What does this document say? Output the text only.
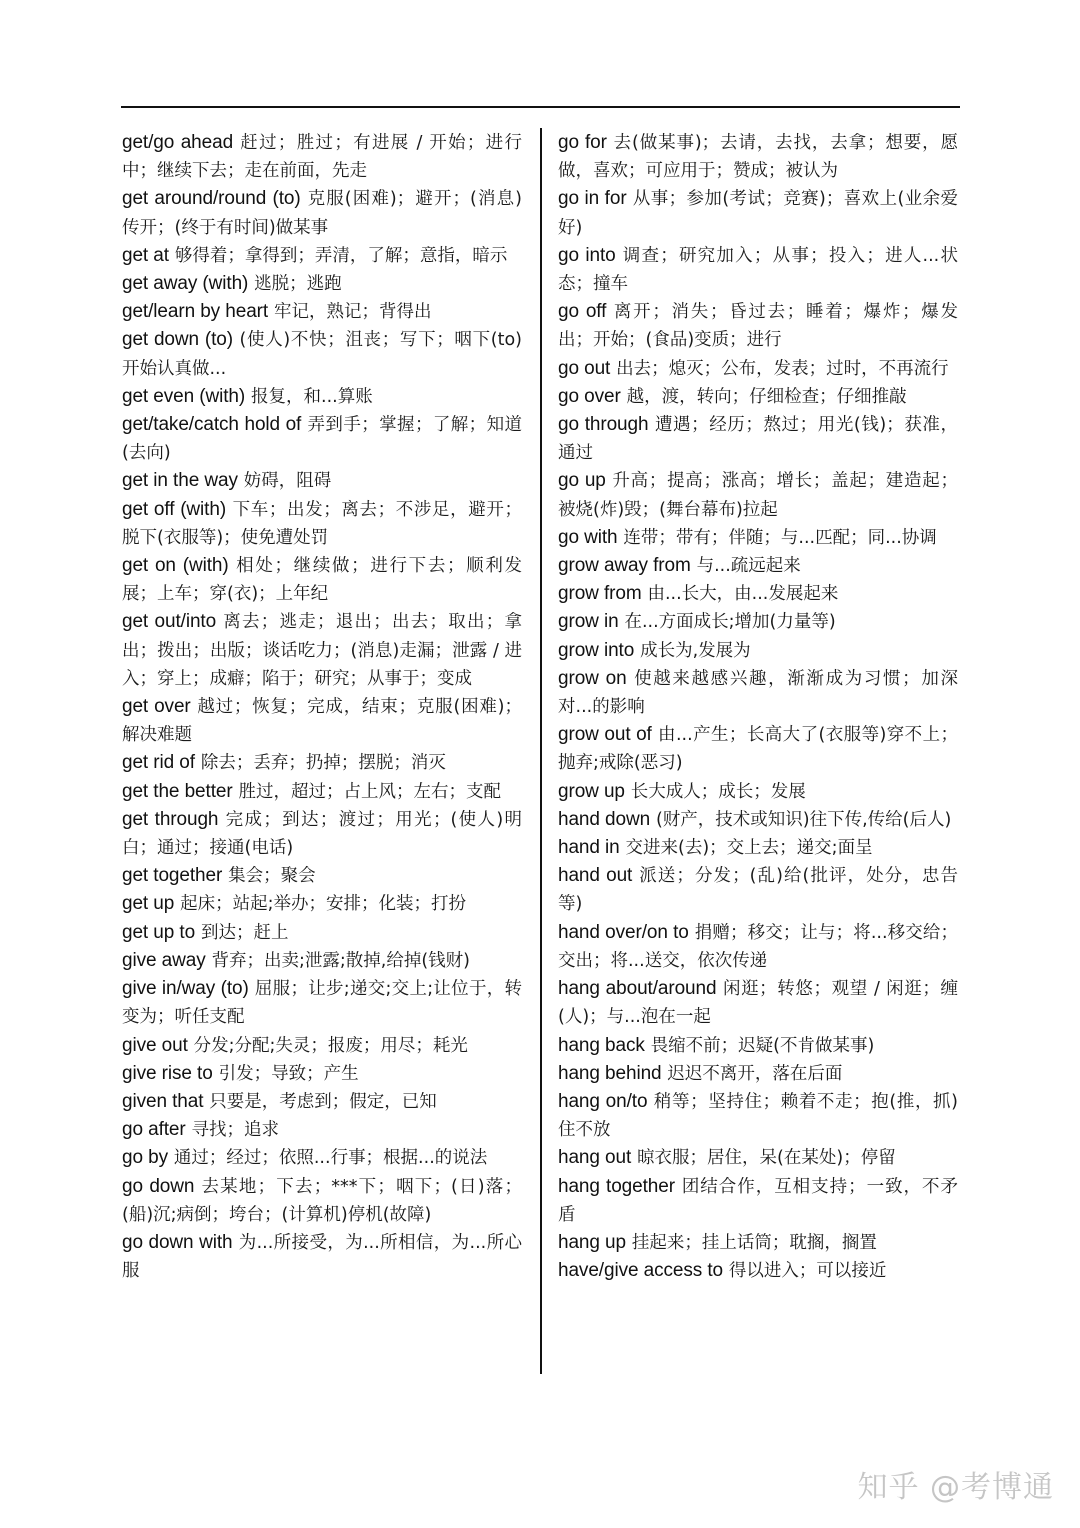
get/go ahead 赶过；胜过；有进展 / 开始；进行中；继续下去；走在前面，先走

get around/round (to) 克服(困难)；避开；(消息)传开；(终于有时间)做某事

get at 够得着；拿得到；弄清，了解；意指，暗示

get away (with) 逃脱；逃跑

get/learn by heart 牢记，熟记；背得出

get down (to) (使人)不快；沮丧；写下；咽下(to)开始认真做...

get even (with) 报复，和...算账

get/take/catch hold of 弄到手；掌握；了解；知道(去向)

get in the way 妨碍，阻碍

get off (with) 下车；出发；离去；不涉足，避开；脱下(衣服等)；使免遭处罚

get on (with) 相处；继续做；进行下去；顺利发展；上车；穿(衣)；上年纪

get out/into 离去；逃走；退出；出去；取出；拿出；拨出；出版；谈话吃力；(消息)走漏；泄露 / 进入；穿上；成癖；陷于；研究；从事于；变成

get over 越过；恢复；完成，结束；克服(困难)；解决难题

get rid of 除去；丢弃；扔掉；摆脱；消灭

get the better 胜过，超过；占上风；左右；支配

get through 完成；到达；渡过；用光；(使人)明白；通过；接通(电话)

get together 集会；聚会

get up 起床；站起;举办；安排；化装；打扮

get up to 到达；赶上

give away 背弃；出卖;泄露;散掉,给掉(钱财)

give in/way (to) 屈服；让步;递交;交上;让位于，转变为；听任支配

give out 分发;分配;失灵；报废；用尽；耗光

give rise to 引发；导致；产生

given that 只要是，考虑到；假定，已知

go after 寻找；追求

go by 通过；经过；依照...行事；根据...的说法

go down 去某地；下去；***下；咽下；(日)落；(船)沉;病倒；垮台；(计算机)停机(故障)

go down with 为...所接受，为...所相信，为...所心服

go for 去(做某事)；去请，去找，去拿；想要，愿做，喜欢；可应用于；赞成；被认为

go in for 从事；参加(考试；竞赛)；喜欢上(业余爱好)

go into 调查；研究加入；从事；投入；进人...状态；撞车

go off 离开；消失；昏过去；睡着；爆炸；爆发出；开始；(食品)变质；进行

go out 出去；熄灭；公布，发表；过时，不再流行

go over 越，渡，转向；仔细检查；仔细推敲

go through 遭遇；经历；熬过；用光(钱)；获准，通过

go up 升高；提高；涨高；增长；盖起；建造起；被烧(炸)毁；(舞台幕布)拉起

go with 连带；带有；伴随；与...匹配；同...协调

grow away from 与...疏远起来

grow from 由...长大，由...发展起来

grow in 在...方面成长;增加(力量等)

grow into 成长为,发展为

grow on 使越来越感兴趣，渐渐成为习惯；加深对...的影响

grow out of 由...产生；长高大了(衣服等)穿不上；抛弃;戒除(恶习)

grow up 长大成人；成长；发展

hand down (财产，技术或知识)往下传,传给(后人)

hand in 交进来(去)；交上去；递交;面呈

hand out 派送；分发；(乱)给(批评，处分，忠告等)

hand over/on to 捐赠；移交；让与；将...移交给；交出；将...送交，依次传递

hang about/around 闲逛；转悠；观望 / 闲逛；缠(人)；与...泡在一起

hang back 畏缩不前；迟疑(不肯做某事)

hang behind 迟迟不离开，落在后面

hang on/to 稍等；坚持住；赖着不走；抱(推，抓)住不放

hang out 晾衣服；居住，呆(在某处)；停留

hang together 团结合作，互相支持；一致，不矛盾

hang up 挂起来；挂上话筒；耽搁，搁置

have/give access to 得以进入；可以接近

知乎 @考博通
